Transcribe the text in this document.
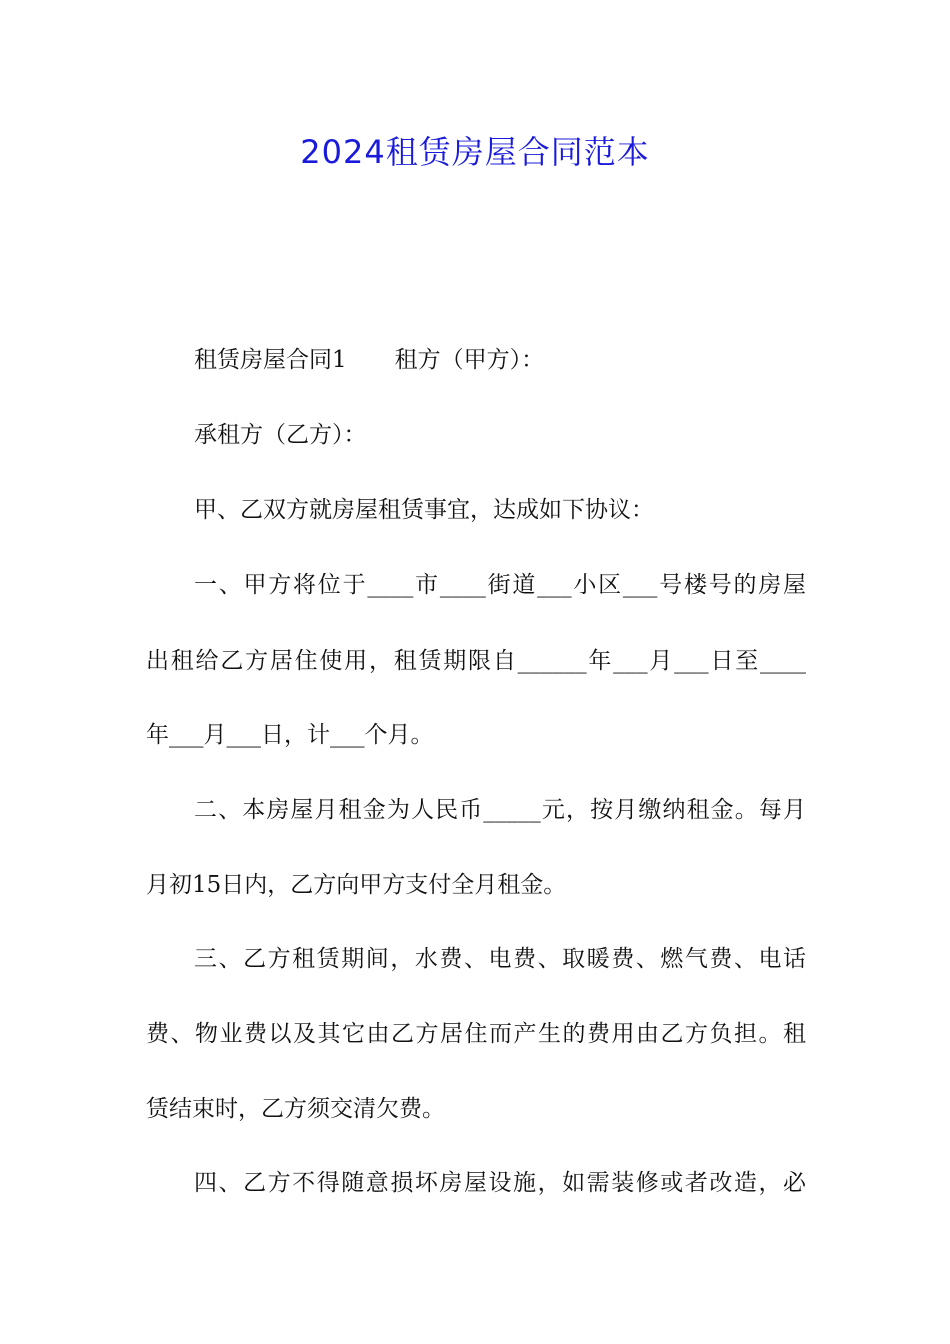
2024租赁房屋合同范本
租赁房屋合同1 租方（甲方）：
承租方（乙方）：
甲、乙双方就房屋租赁事宜，达成如下协议：
一、甲方将位于____市____街道___小区___号楼号的房屋
出租给乙方居住使用，租赁期限自______年___月___日至____
年___月___日，计___个月。
二、本房屋月租金为人民币_____元，按月缴纳租金。每月
月初15日内，乙方向甲方支付全月租金。
三、乙方租赁期间，水费、电费、取暖费、燃气费、电话
费、物业费以及其它由乙方居住而产生的费用由乙方负担。租
赁结束时，乙方须交清欠费。
四、乙方不得随意损坏房屋设施，如需装修或者改造，必
